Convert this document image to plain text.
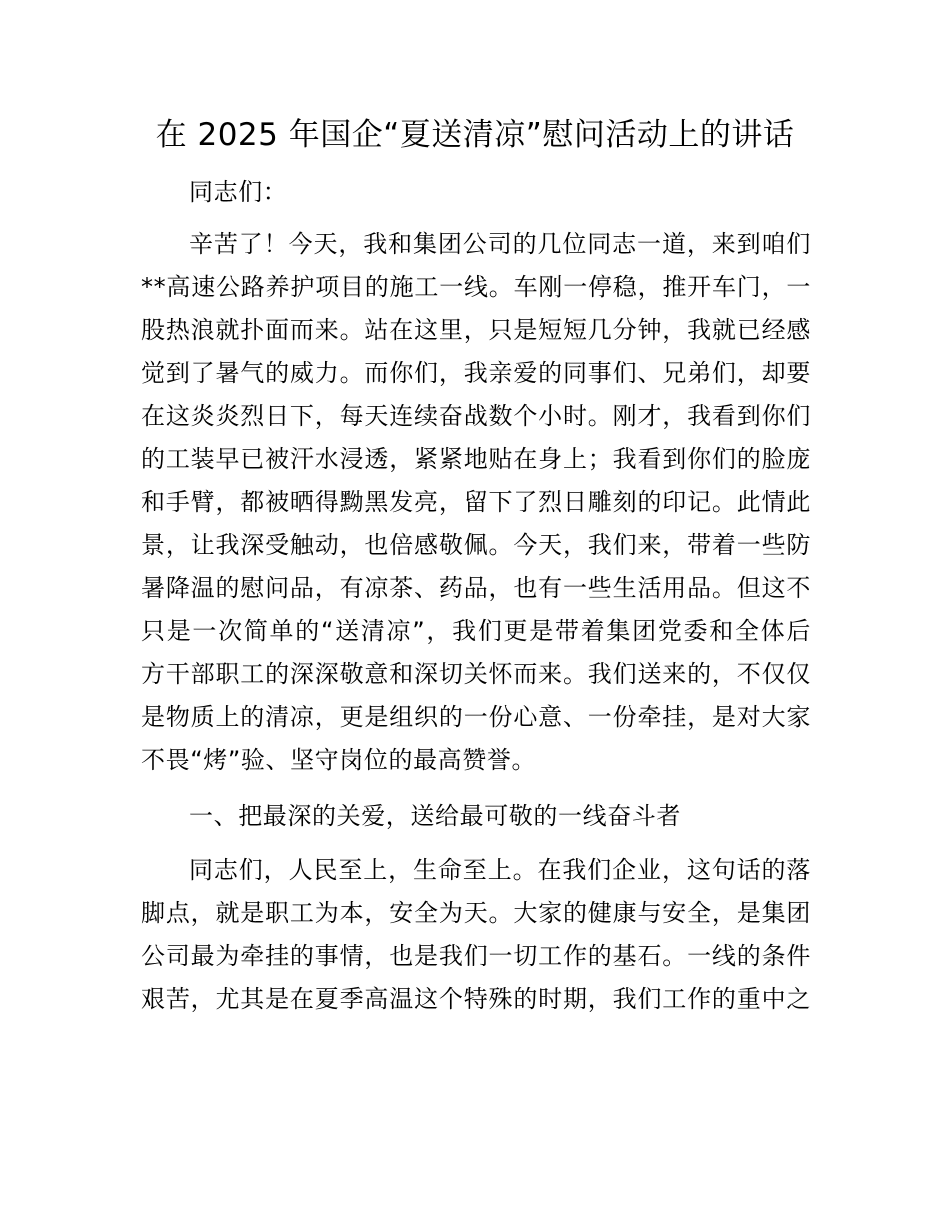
在 2025 年国企“夏送清凉”慰问活动上的讲话
同志们：
辛苦了！今天，我和集团公司的几位同志一道，来到咱们
**高速公路养护项目的施工一线。车刚一停稳，推开车门，一
股热浪就扑面而来。站在这里，只是短短几分钟，我就已经感
觉到了暑气的威力。而你们，我亲爱的同事们、兄弟们，却要
在这炎炎烈日下，每天连续奋战数个小时。刚才，我看到你们
的工装早已被汗水浸透，紧紧地贴在身上；我看到你们的脸庞
和手臂，都被晒得黝黑发亮，留下了烈日雕刻的印记。此情此
景，让我深受触动，也倍感敬佩。今天，我们来，带着一些防
暑降温的慰问品，有凉茶、药品，也有一些生活用品。但这不
只是一次简单的“送清凉”，我们更是带着集团党委和全体后
方干部职工的深深敬意和深切关怀而来。我们送来的，不仅仅
是物质上的清凉，更是组织的一份心意、一份牵挂，是对大家
不畏“烤”验、坚守岗位的最高赞誉。
一、把最深的关爱，送给最可敬的一线奋斗者
同志们，人民至上，生命至上。在我们企业，这句话的落
脚点，就是职工为本，安全为天。大家的健康与安全，是集团
公司最为牵挂的事情，也是我们一切工作的基石。一线的条件
艰苦，尤其是在夏季高温这个特殊的时期，我们工作的重中之
